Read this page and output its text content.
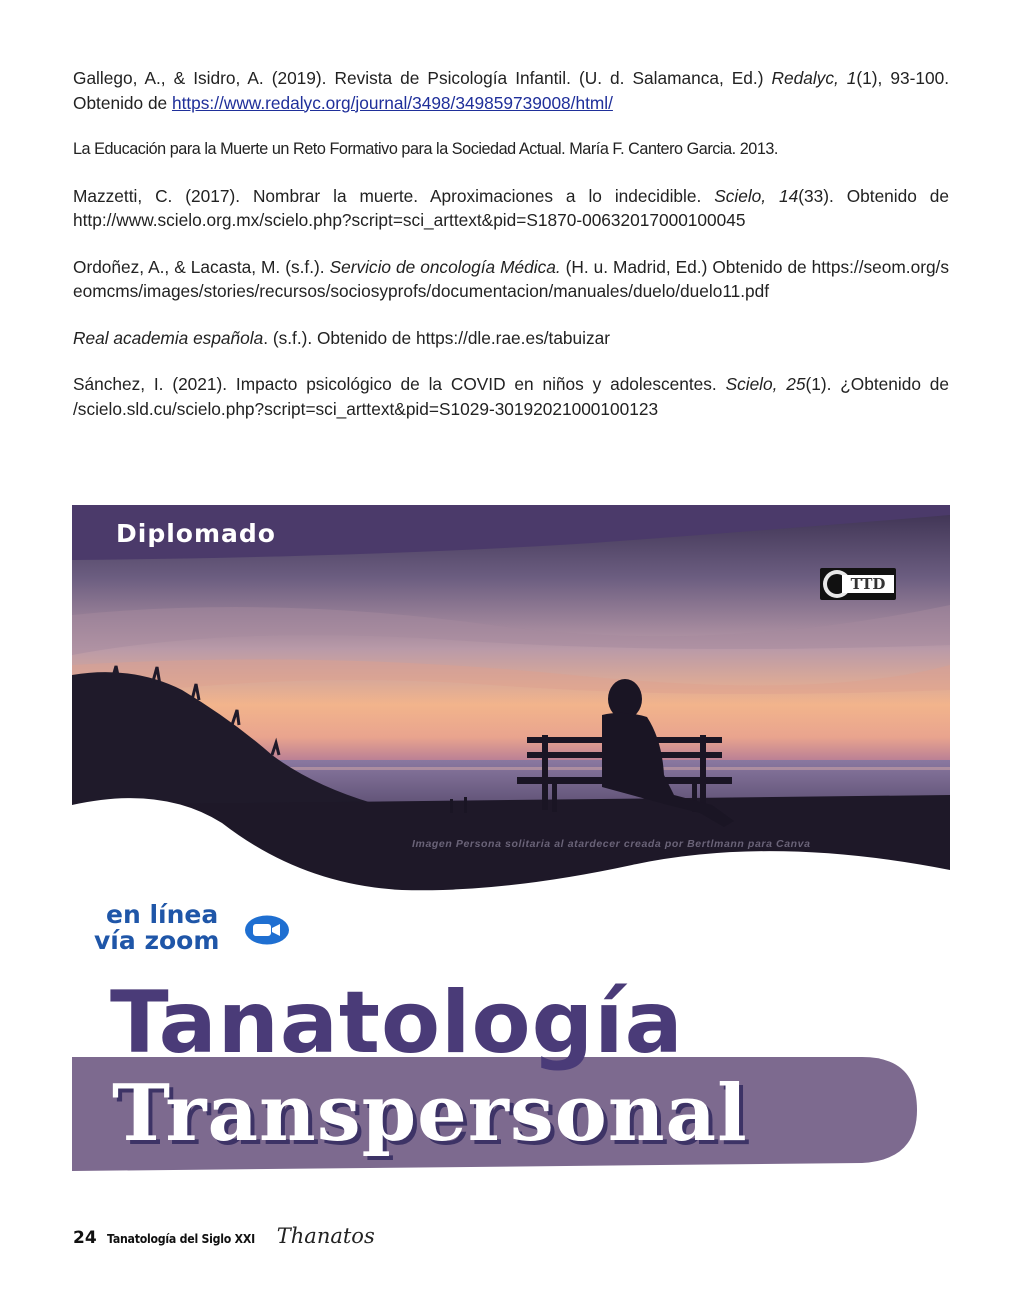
Gallego, A., & Isidro, A. (2019). Revista de Psicología Infantil. (U. d. Salamanca, Ed.) Redalyc, 1(1), 93-100. Obtenido de https://www.redalyc.org/journal/3498/349859739008/html/

La Educación para la Muerte un Reto Formativo para la Sociedad Actual. María F. Cantero Garcia. 2013.

Mazzetti, C. (2017). Nombrar la muerte. Aproximaciones a lo indecidible. Scielo, 14(33). Obtenido de http://www.scielo.org.mx/scielo.php?script=sci_arttext&pid=S1870-00632017000100045

Ordoñez, A., & Lacasta, M. (s.f.). Servicio de oncología Médica. (H. u. Madrid, Ed.) Obtenido de https://seom.org/seomcms/images/stories/recursos/sociosyprofs/documentacion/manuales/duelo/duelo11.pdf

Real academia española. (s.f.). Obtenido de https://dle.rae.es/tabuizar

Sánchez, I. (2021). Impacto psicológico de la COVID en niños y adolescentes. Scielo, 25(1). ¿Obtenido de /scielo.sld.cu/scielo.php?script=sci_arttext&pid=S1029-30192021000100123

Diplomado
TTD
Imagen Persona solitaria al atardecer creada por Bertlmann para Canva
en línea
vía zoom
Tanatología
Transpersonal
24 Tanatología del Siglo XXI Thanatos
